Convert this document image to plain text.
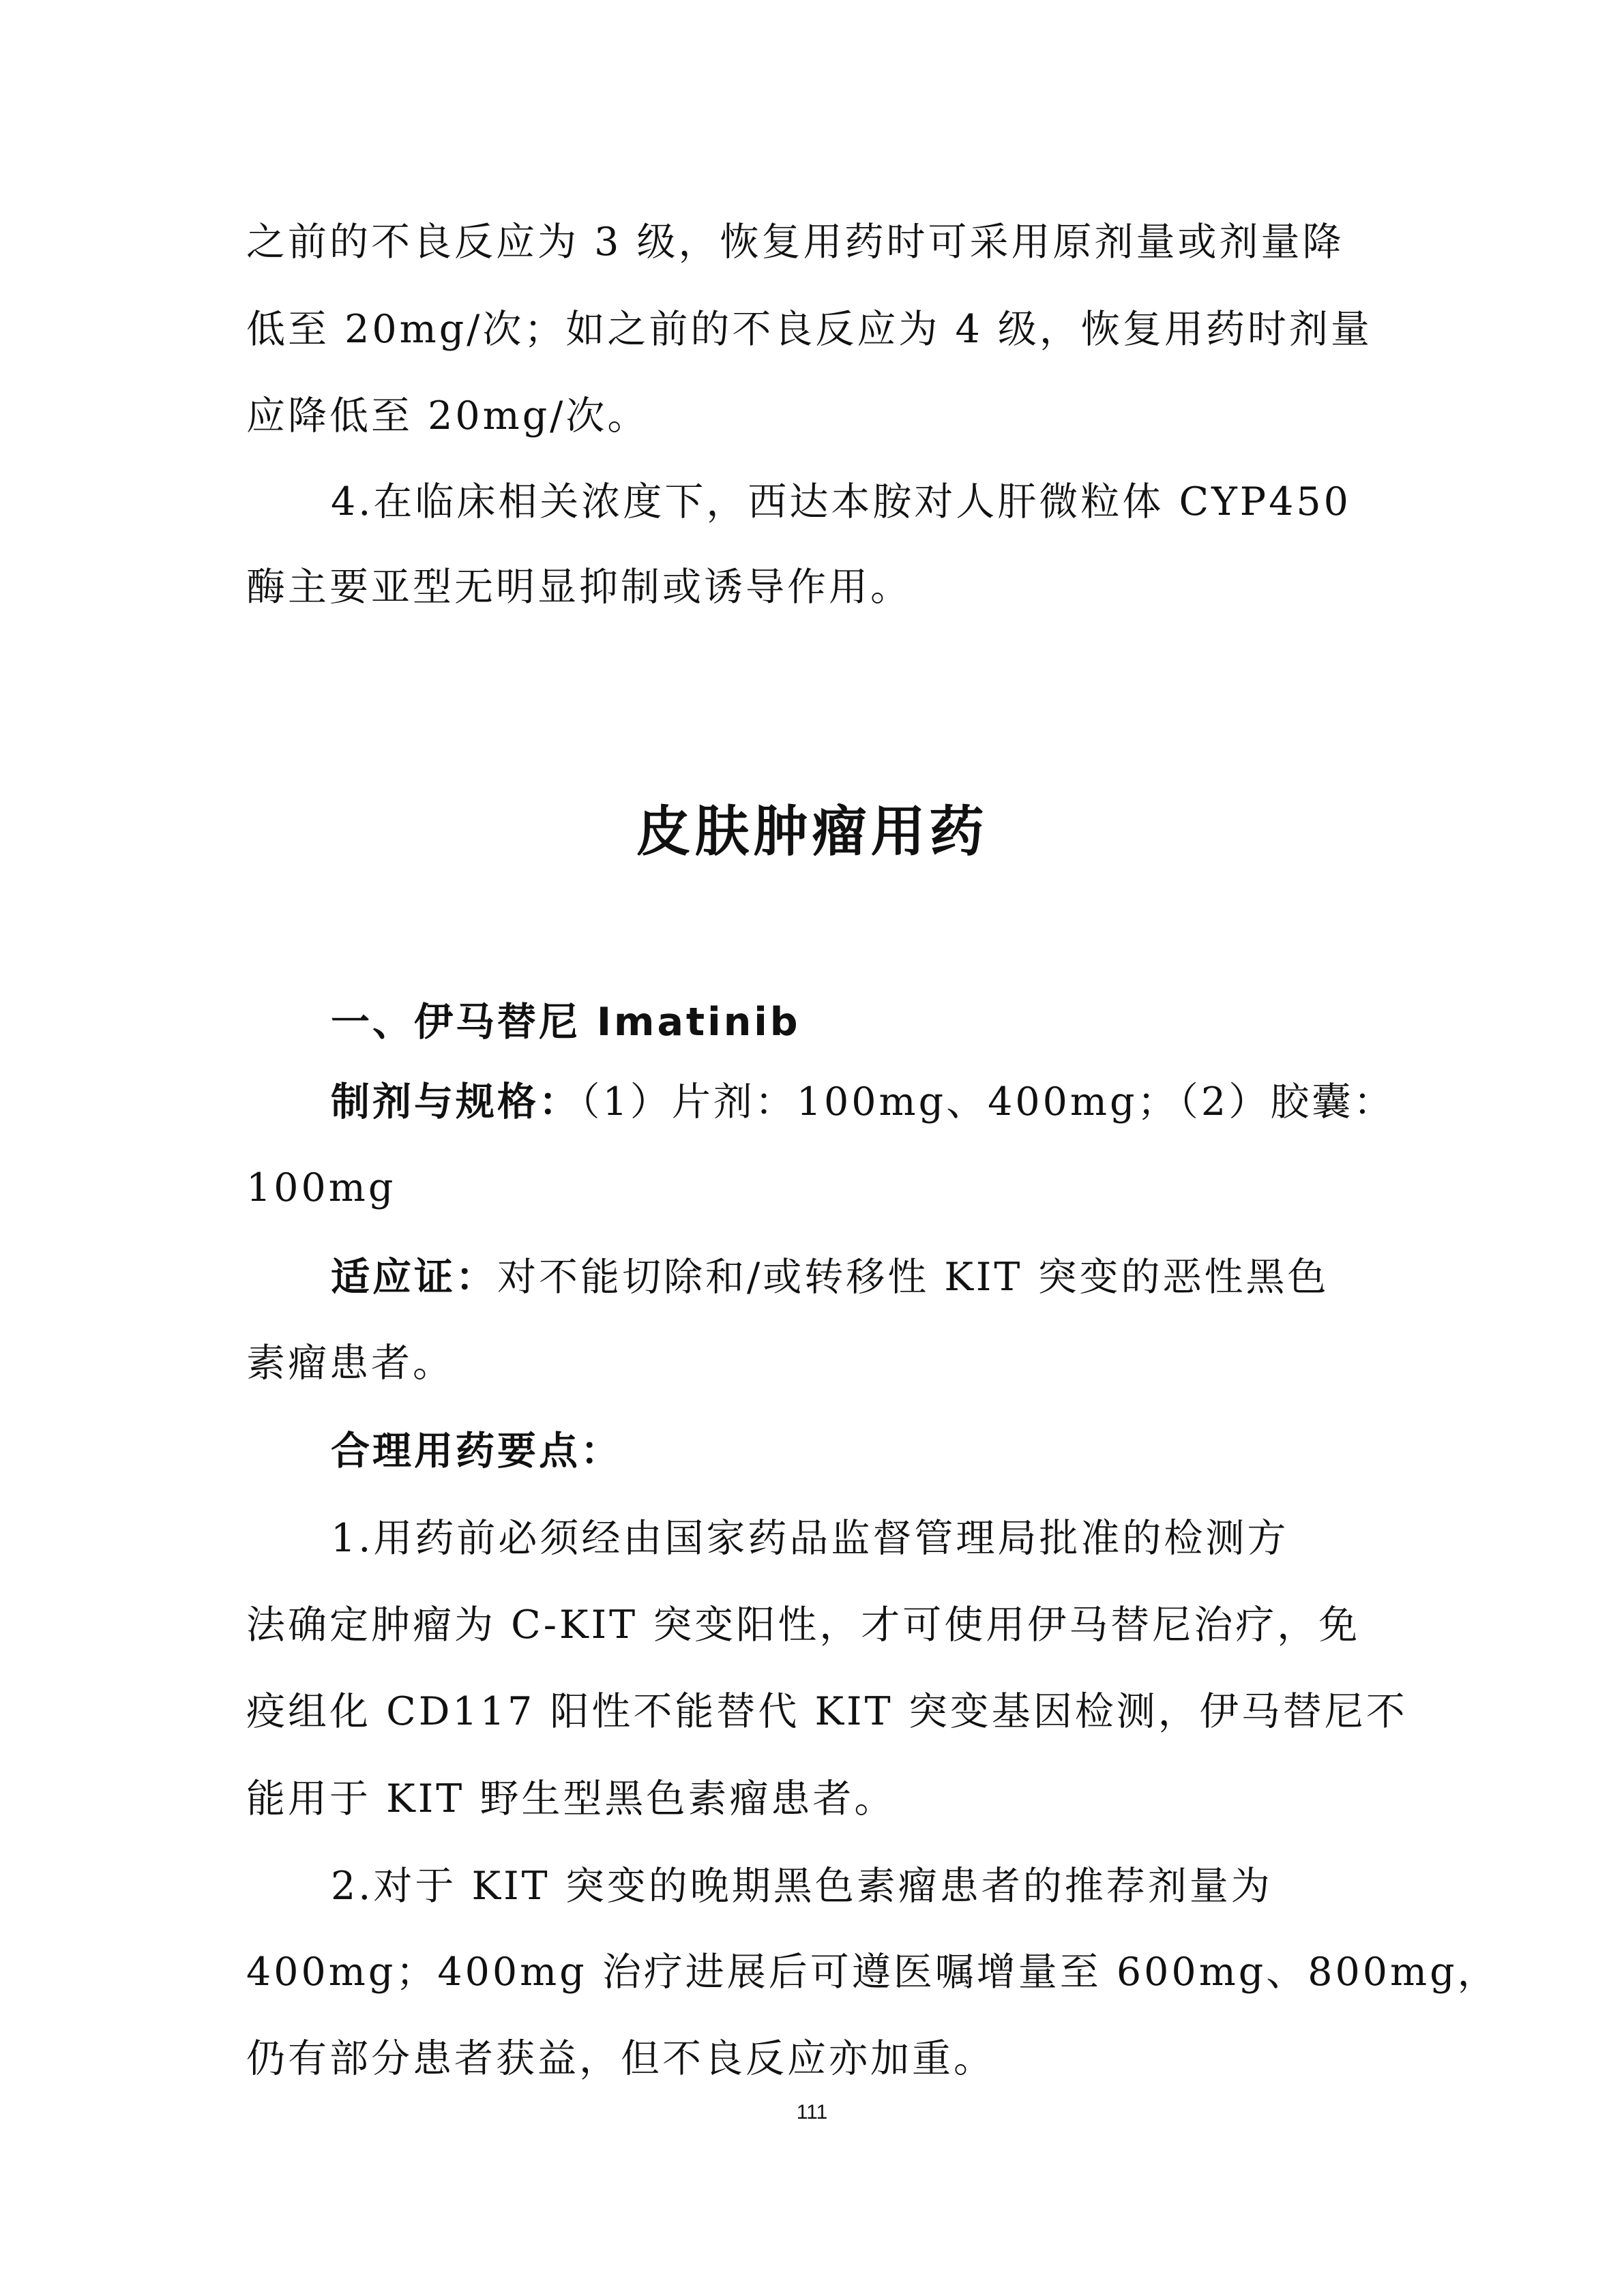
之前的不良反应为 3 级，恢复用药时可采用原剂量或剂量降
低至 20mg/次；如之前的不良反应为 4 级，恢复用药时剂量
应降低至 20mg/次。
4.在临床相关浓度下，西达本胺对人肝微粒体 CYP450
酶主要亚型无明显抑制或诱导作用。
皮肤肿瘤用药
一、伊马替尼 Imatinib
制剂与规格：（1）片剂：100mg、400mg；（2）胶囊：
100mg
适应证：对不能切除和/或转移性 KIT 突变的恶性黑色
素瘤患者。
合理用药要点：
1.用药前必须经由国家药品监督管理局批准的检测方
法确定肿瘤为 C-KIT 突变阳性，才可使用伊马替尼治疗，免
疫组化 CD117 阳性不能替代 KIT 突变基因检测，伊马替尼不
能用于 KIT 野生型黑色素瘤患者。
2.对于 KIT 突变的晚期黑色素瘤患者的推荐剂量为
400mg；400mg 治疗进展后可遵医嘱增量至 600mg、800mg，
仍有部分患者获益，但不良反应亦加重。
111
